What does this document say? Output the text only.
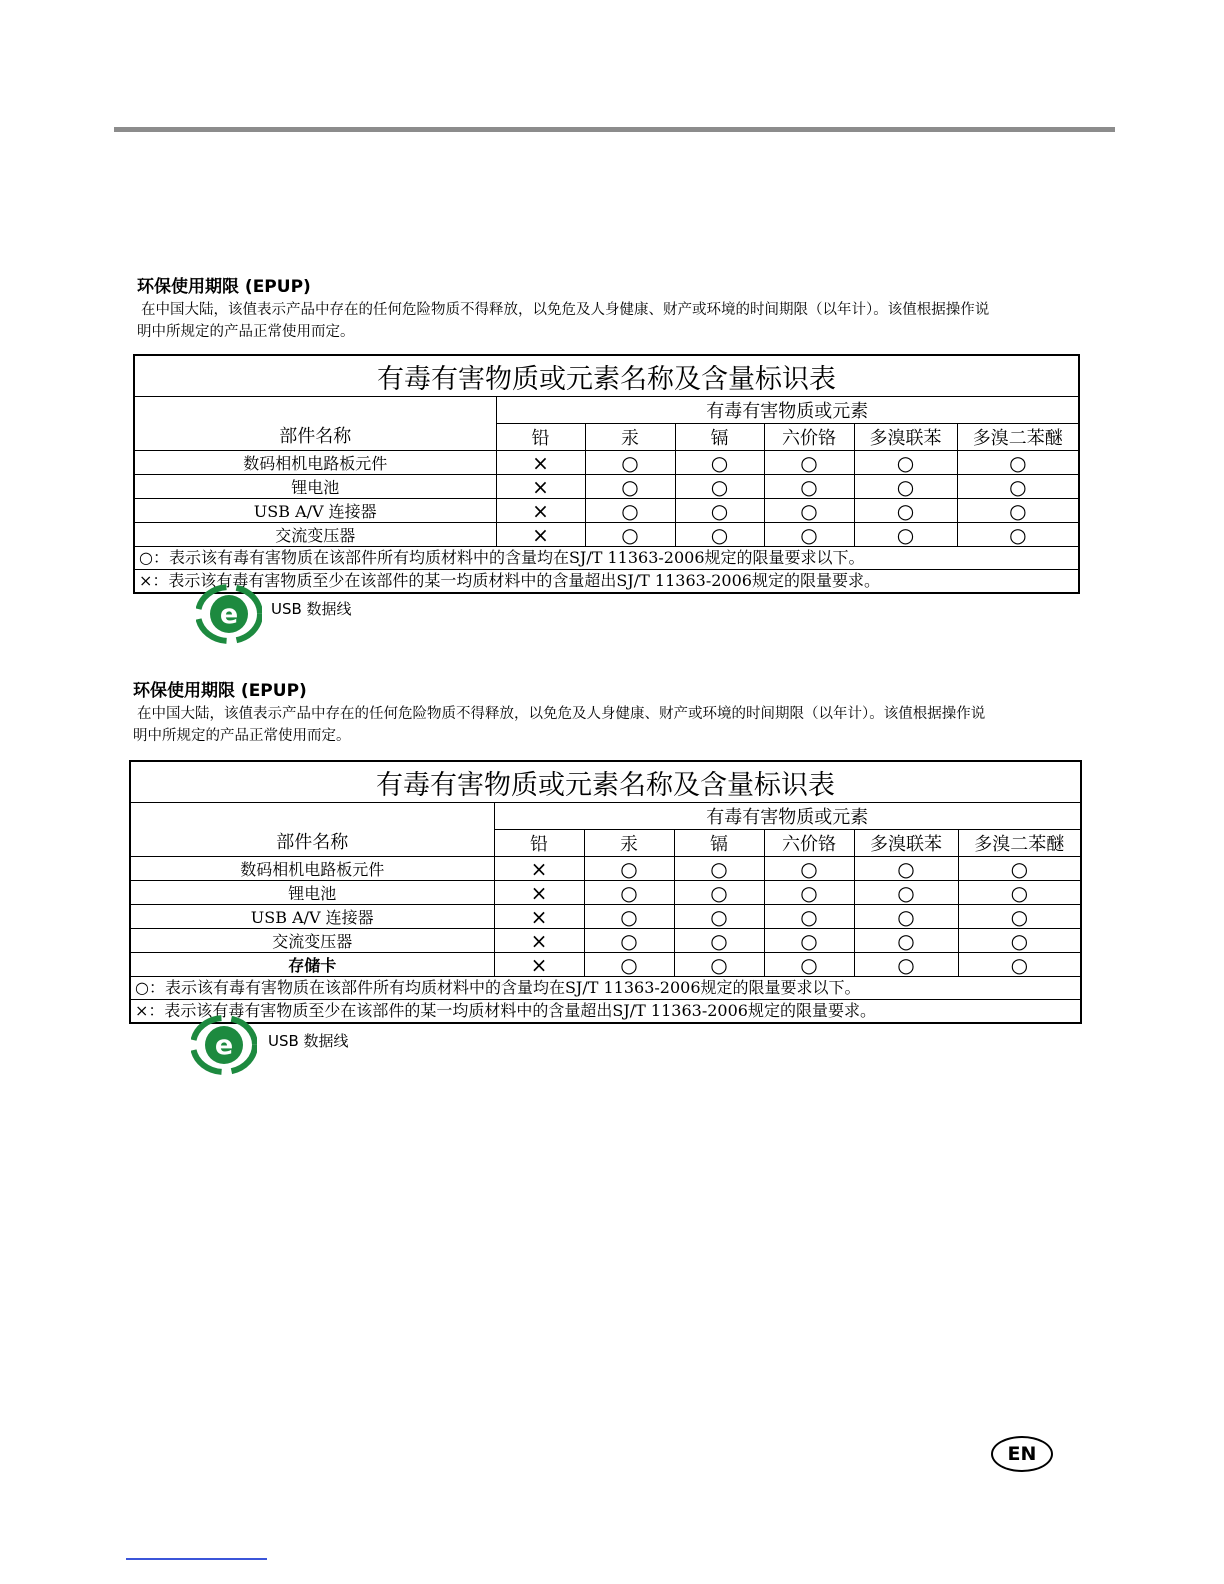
环保使用期限 (EPUP)
在中国大陆，该值表示产品中存在的任何危险物质不得释放，以免危及人身健康、财产或环境的时间期限（以年计）。该值根据操作说
明中所规定的产品正常使用而定。
有毒有害物质或元素名称及含量标识表						
部件名称	有毒有害物质或元素					
	铅	汞	镉	六价铬	多溴联苯	多溴二苯醚
数码相机电路板元件	×	○	○	○	○	○
锂电池	×	○	○	○	○	○
USB A/V 连接器	×	○	○	○	○	○
交流变压器	×	○	○	○	○	○
○：表示该有毒有害物质在该部件所有均质材料中的含量均在SJ/T 11363-2006规定的限量要求以下。						
×：表示该有毒有害物质至少在该部件的某一均质材料中的含量超出SJ/T 11363-2006规定的限量要求。						
e USB 数据线
环保使用期限 (EPUP)
在中国大陆，该值表示产品中存在的任何危险物质不得释放，以免危及人身健康、财产或环境的时间期限（以年计）。该值根据操作说
明中所规定的产品正常使用而定。
有毒有害物质或元素名称及含量标识表						
部件名称	有毒有害物质或元素					
	铅	汞	镉	六价铬	多溴联苯	多溴二苯醚
数码相机电路板元件	×	○	○	○	○	○
锂电池	×	○	○	○	○	○
USB A/V 连接器	×	○	○	○	○	○
交流变压器	×	○	○	○	○	○
存储卡	×	○	○	○	○	○
○：表示该有毒有害物质在该部件所有均质材料中的含量均在SJ/T 11363-2006规定的限量要求以下。						
×：表示该有毒有害物质至少在该部件的某一均质材料中的含量超出SJ/T 11363-2006规定的限量要求。						
e USB 数据线
EN
